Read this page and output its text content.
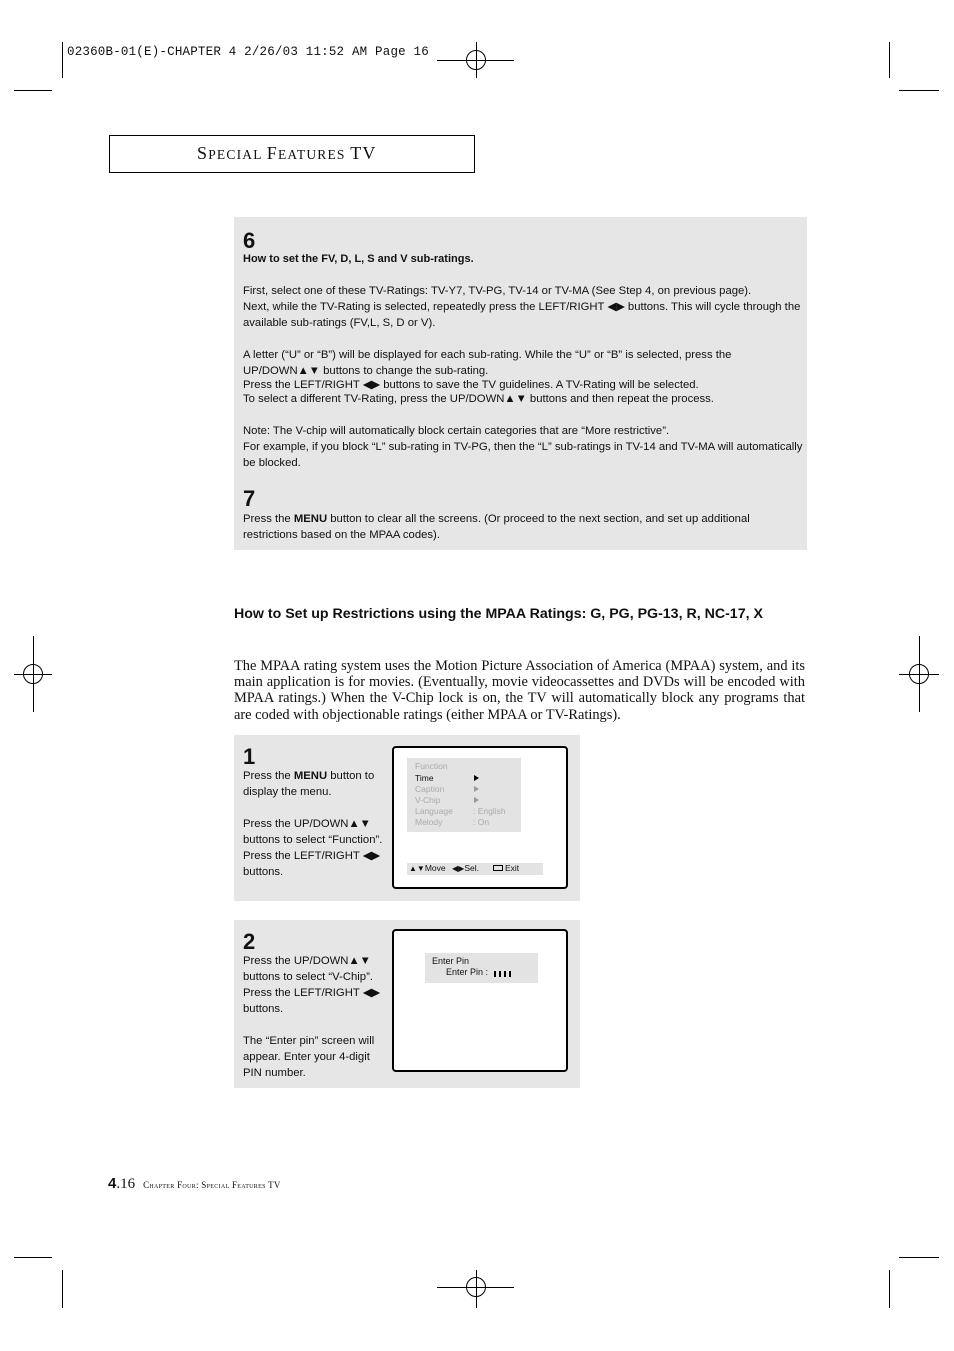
02360B-01(E)-CHAPTER 4 2/26/03 11:52 AM Page 16
SPECIAL FEATURES TV
6
How to set the FV, D, L, S and V sub-ratings.

First, select one of these TV-Ratings: TV-Y7, TV-PG, TV-14 or TV-MA (See Step 4, on previous page).

Next, while the TV-Rating is selected, repeatedly press the LEFT/RIGHT ◀▶ buttons. This will cycle through the available sub-ratings (FV,L, S, D or V).

A letter (“U” or “B”) will be displayed for each sub-rating. While the “U” or “B” is selected, press the UP/DOWN▲▼ buttons to change the sub-rating.

Press the LEFT/RIGHT ◀▶ buttons to save the TV guidelines. A TV-Rating will be selected.

To select a different TV-Rating, press the UP/DOWN▲▼ buttons and then repeat the process.

Note: The V-chip will automatically block certain categories that are “More restrictive”.

For example, if you block “L” sub-rating in TV-PG, then the “L” sub-ratings in TV-14 and TV-MA will automatically be blocked.

7
Press the MENU button to clear all the screens. (Or proceed to the next section, and set up additional restrictions based on the MPAA codes).
How to Set up Restrictions using the MPAA Ratings: G, PG, PG-13, R, NC-17, X
The MPAA rating system uses the Motion Picture Association of America (MPAA) system, and its main application is for movies. (Eventually, movie videocassettes and DVDs will be encoded with MPAA ratings.) When the V-Chip lock is on, the TV will automatically block any programs that are coded with objectionable ratings (either MPAA or TV-Ratings).
1

Press the MENU button to display the menu.

Press the UP/DOWN▲▼ buttons to select “Function”.

Press the LEFT/RIGHT ◀▶ buttons.

Function
Time
Caption
V-Chip
Language : English
Melody	: On
▲▼Move ◀▶Sel.	Exit
2

Press the UP/DOWN▲▼ buttons to select “V-Chip”.

Press the LEFT/RIGHT ◀▶ buttons.

The “Enter pin” screen will appear. Enter your 4-digit PIN number.

Enter Pin
Enter Pin :
4.16 Chapter Four: Special Features TV
